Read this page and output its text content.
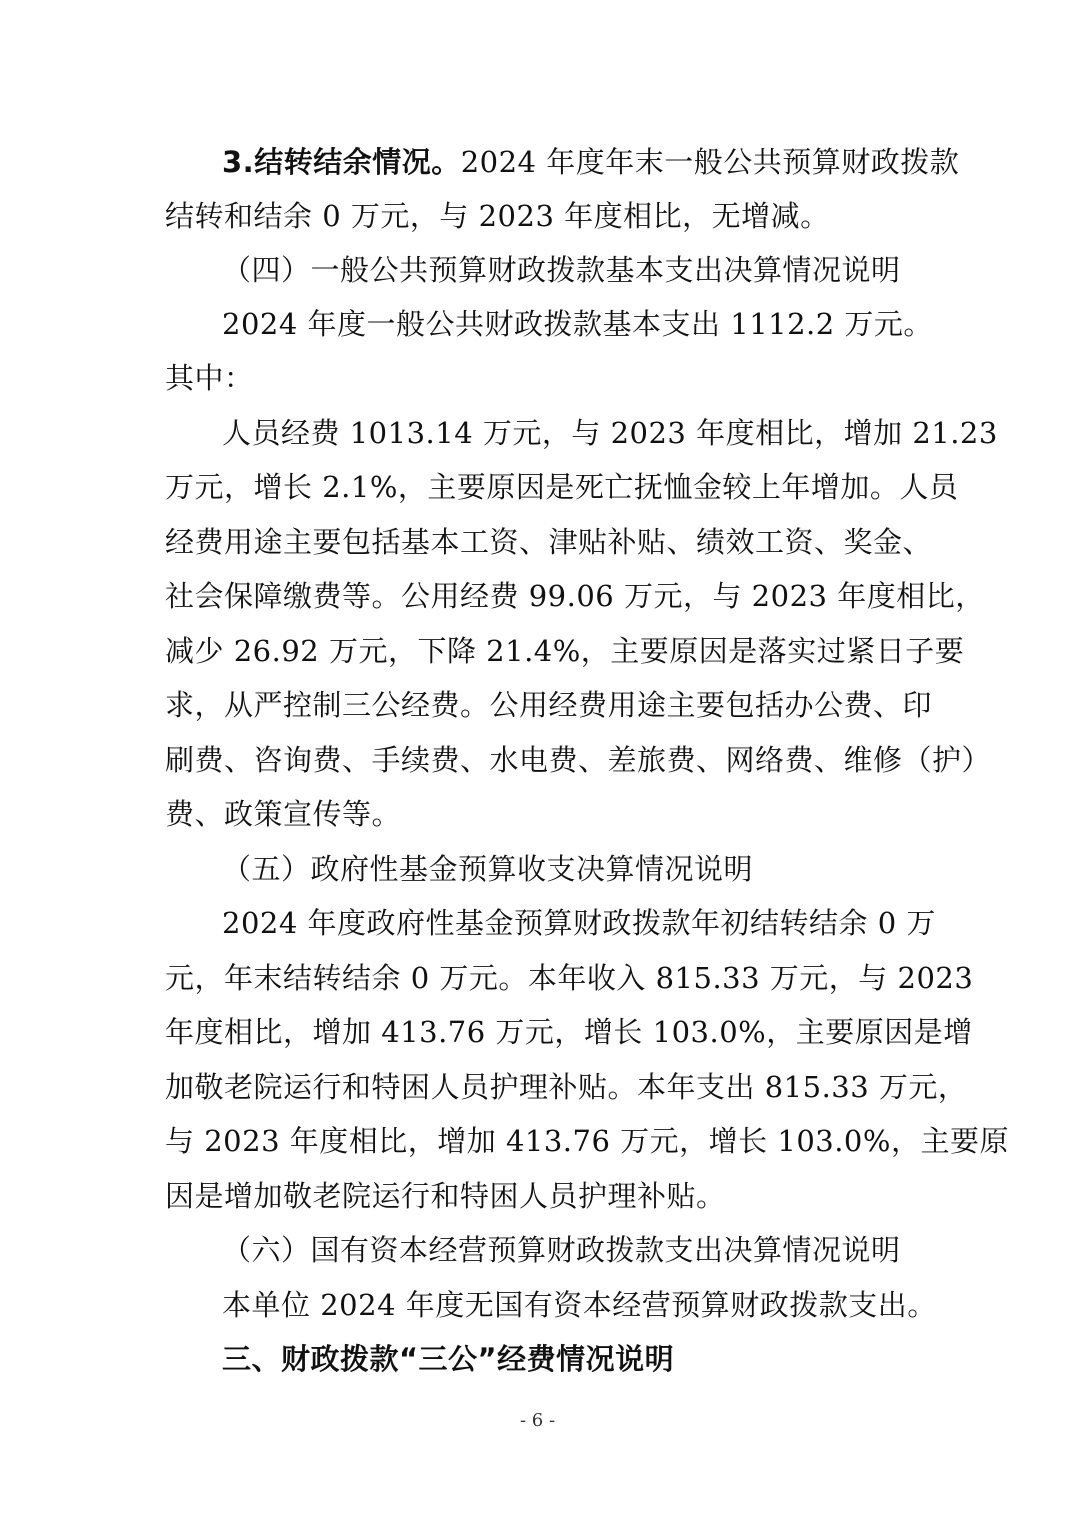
3.结转结余情况。2024 年度年末一般公共预算财政拨款
结转和结余 0 万元，与 2023 年度相比，无增减。
（四）一般公共预算财政拨款基本支出决算情况说明
2024 年度一般公共财政拨款基本支出 1112.2 万元。
其中：
人员经费 1013.14 万元，与 2023 年度相比，增加 21.23
万元，增长 2.1%，主要原因是死亡抚恤金较上年增加。人员
经费用途主要包括基本工资、津贴补贴、绩效工资、奖金、
社会保障缴费等。公用经费 99.06 万元，与 2023 年度相比，
减少 26.92 万元，下降 21.4%，主要原因是落实过紧日子要
求，从严控制三公经费。公用经费用途主要包括办公费、印
刷费、咨询费、手续费、水电费、差旅费、网络费、维修（护）
费、政策宣传等。
（五）政府性基金预算收支决算情况说明
2024 年度政府性基金预算财政拨款年初结转结余 0 万
元，年末结转结余 0 万元。本年收入 815.33 万元，与 2023
年度相比，增加 413.76 万元，增长 103.0%，主要原因是增
加敬老院运行和特困人员护理补贴。本年支出 815.33 万元，
与 2023 年度相比，增加 413.76 万元，增长 103.0%，主要原
因是增加敬老院运行和特困人员护理补贴。
（六）国有资本经营预算财政拨款支出决算情况说明
本单位 2024 年度无国有资本经营预算财政拨款支出。
三、财政拨款“三公”经费情况说明
- 6 -
